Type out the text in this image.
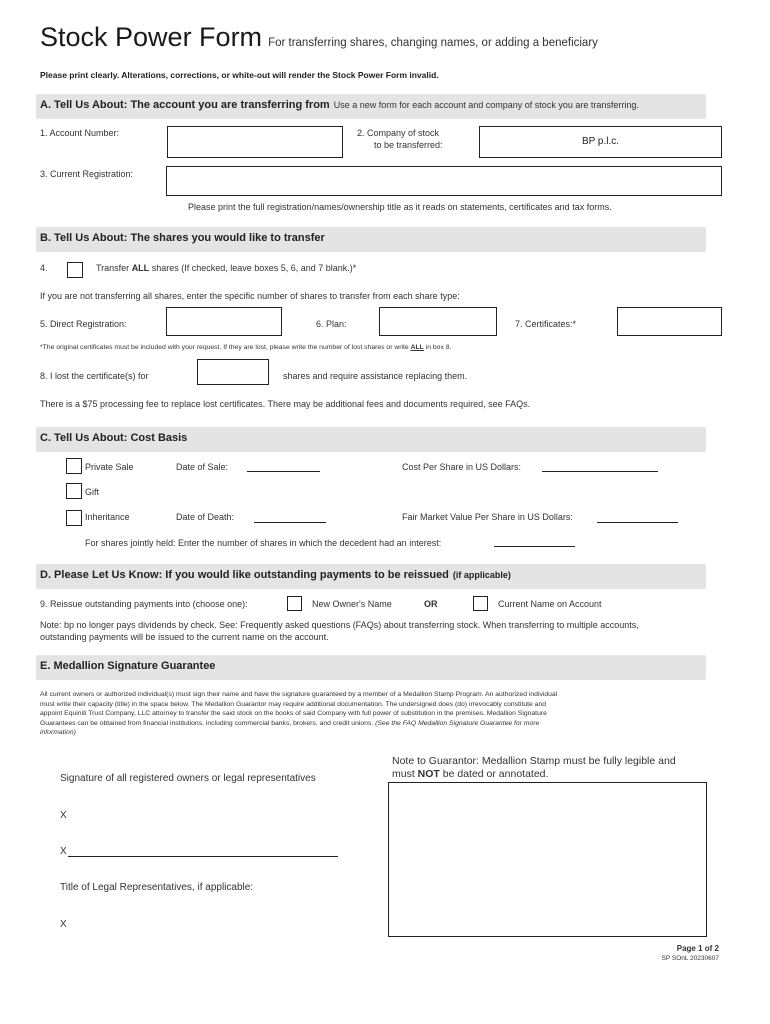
Stock Power Form For transferring shares, changing names, or adding a beneficiary
Please print clearly. Alterations, corrections, or white-out will render the Stock Power Form invalid.
A. Tell Us About: The account you are transferring from Use a new form for each account and company of stock you are transferring.
1. Account Number:	2. Company of stock
to be transferred:	BP p.l.c.
3. Current Registration:
Please print the full registration/names/ownership title as it reads on statements, certificates and tax forms.
B. Tell Us About: The shares you would like to transfer
4.	Transfer ALL shares (If checked, leave boxes 5, 6, and 7 blank.)*
If you are not transferring all shares, enter the specific number of shares to transfer from each share type:
5. Direct Registration:	6. Plan:	7. Certificates:*
*The original certificates must be included with your request. If they are lost, please write the number of lost shares or write ALL in box 8.
8. I lost the certificate(s) for	shares and require assistance replacing them.
There is a $75 processing fee to replace lost certificates. There may be additional fees and documents required, see FAQs.
C. Tell Us About: Cost Basis
Private Sale	Date of Sale:	Cost Per Share in US Dollars:
Gift
Inheritance	Date of Death:	Fair Market Value Per Share in US Dollars:
For shares jointly held: Enter the number of shares in which the decedent had an interest:
D. Please Let Us Know: If you would like outstanding payments to be reissued (if applicable)
9. Reissue outstanding payments into (choose one):	New Owner's Name	OR	Current Name on Account
Note: bp no longer pays dividends by check. See: Frequently asked questions (FAQs) about transferring stock. When transferring to multiple accounts,
outstanding payments will be issued to the current name on the account.
E. Medallion Signature Guarantee
All current owners or authorized individual(s) must sign their name and have the signature guaranteed by a member of a Medallion Stamp Program. An authorized individual
must write their capacity (title) in the space below. The Medallion Guarantor may require additional documentation. The undersigned does (do) irrevocably constitute and
appoint Equiniti Trust Company, LLC attorney to transfer the said stock on the books of said Company with full power of substitution in the premises. Medallion Signature
Guarantees can be obtained from financial institutions, including commercial banks, brokers, and credit unions. (See the FAQ Medallion Signature Guarantee for more
information)
Note to Guarantor: Medallion Stamp must be fully legible and
must NOT be dated or annotated.
Signature of all registered owners or legal representatives
X
X
Title of Legal Representatives, if applicable:
X
Page 1 of 2
SP SOnL 20230607
